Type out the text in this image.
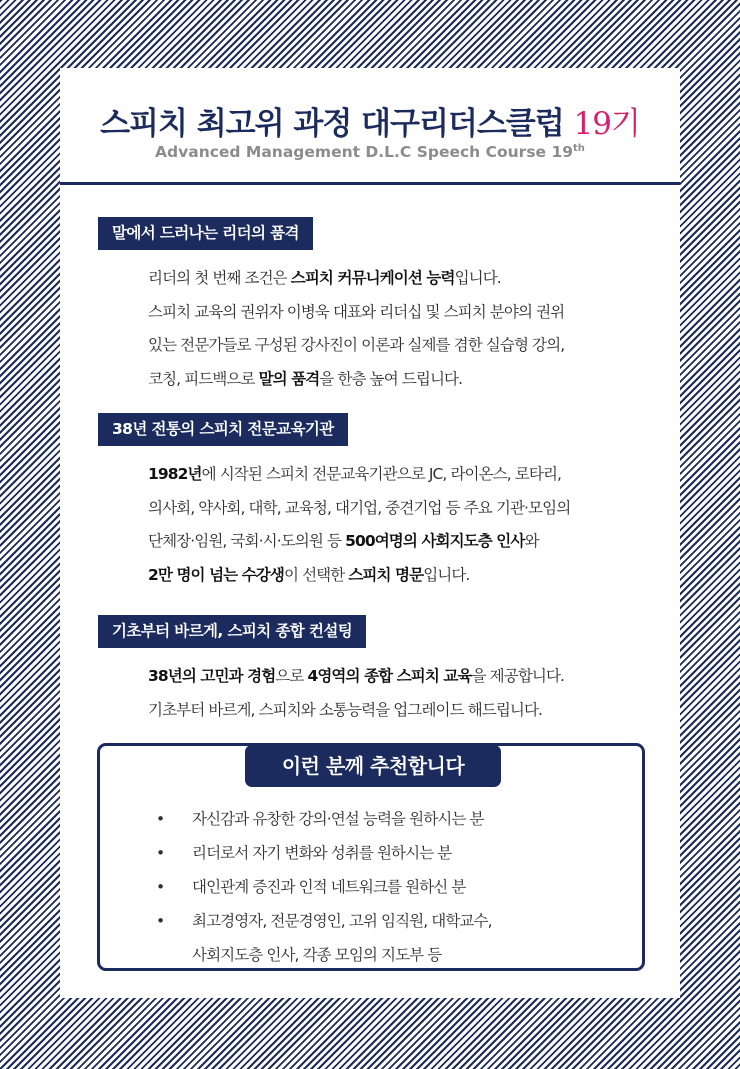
스피치 최고위 과정 대구리더스클럽 19기
Advanced Management D.L.C Speech Course 19th
말에서 드러나는 리더의 품격
리더의 첫 번째 조건은 스피치 커뮤니케이션 능력입니다.
스피치 교육의 권위자 이병욱 대표와 리더십 및 스피치 분야의 권위
있는 전문가들로 구성된 강사진이 이론과 실제를 겸한 실습형 강의,
코칭, 피드백으로 말의 품격을 한층 높여 드립니다.
38년 전통의 스피치 전문교육기관
1982년에 시작된 스피치 전문교육기관으로 JC, 라이온스, 로타리,
의사회, 약사회, 대학, 교육청, 대기업, 중견기업 등 주요 기관·모임의
단체장·임원, 국회·시·도의원 등 500여명의 사회지도층 인사와
2만 명이 넘는 수강생이 선택한 스피치 명문입니다.
기초부터 바르게, 스피치 종합 컨설팅
38년의 고민과 경험으로 4영역의 종합 스피치 교육을 제공합니다.
기초부터 바르게, 스피치와 소통능력을 업그레이드 해드립니다.
이런 분께 추천합니다
• 자신감과 유창한 강의·연설 능력을 원하시는 분
• 리더로서 자기 변화와 성취를 원하시는 분
• 대인관계 증진과 인적 네트워크를 원하신 분
• 최고경영자, 전문경영인, 고위 임직원, 대학교수,
사회지도층 인사, 각종 모임의 지도부 등
